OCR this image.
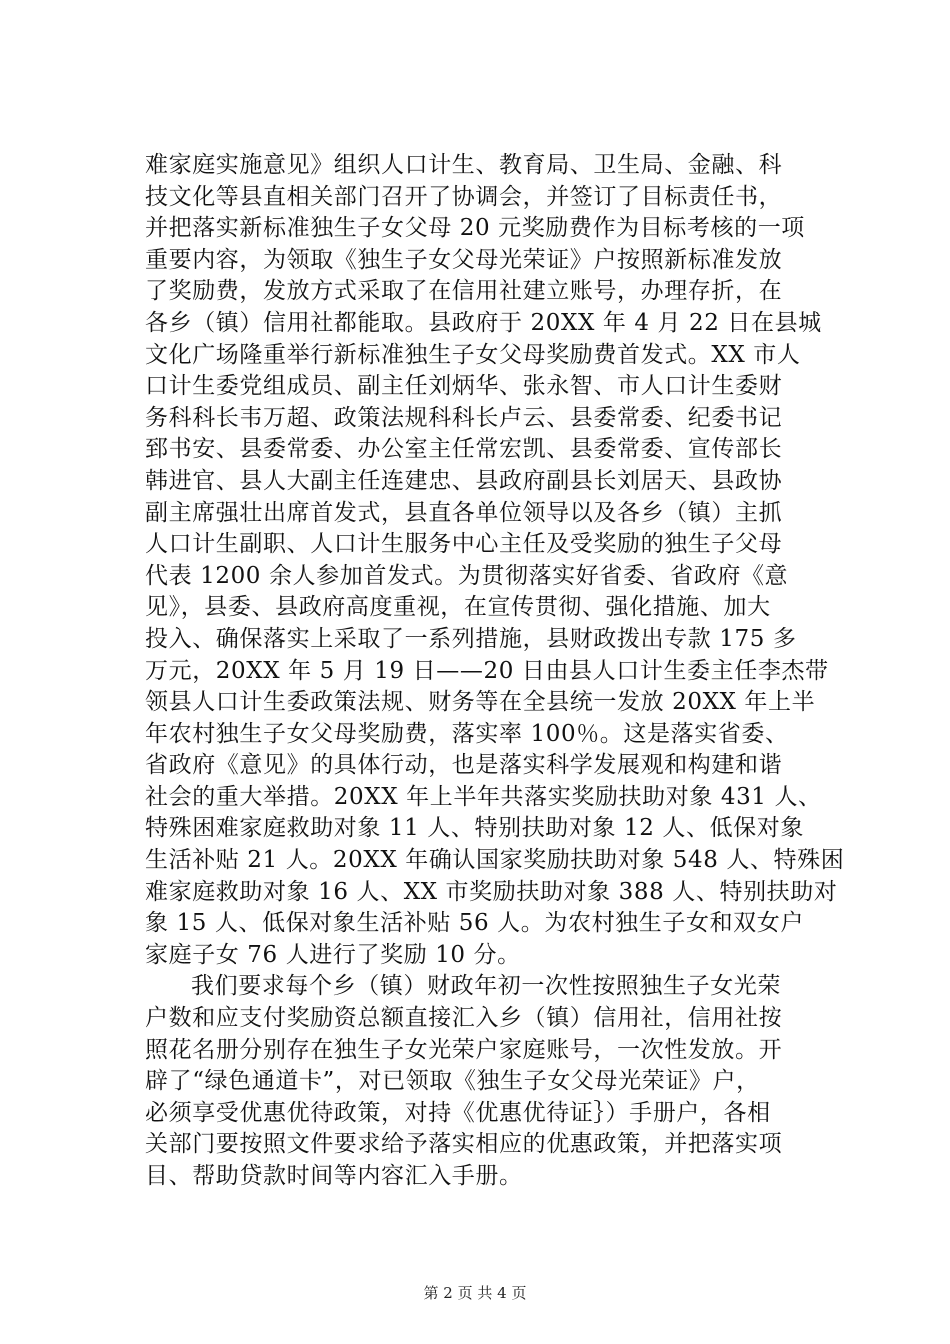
难家庭实施意见》组织人口计生、教育局、卫生局、金融、科
技文化等县直相关部门召开了协调会，并签订了目标责任书，
并把落实新标准独生子女父母 20 元奖励费作为目标考核的一项
重要内容，为领取《独生子女父母光荣证》户按照新标准发放
了奖励费，发放方式采取了在信用社建立账号，办理存折，在
各乡（镇）信用社都能取。县政府于 20XX 年 4 月 22 日在县城
文化广场隆重举行新标准独生子女父母奖励费首发式。XX 市人
口计生委党组成员、副主任刘炳华、张永智、市人口计生委财
务科科长韦万超、政策法规科科长卢云、县委常委、纪委书记
郅书安、县委常委、办公室主任常宏凯、县委常委、宣传部长
韩进官、县人大副主任连建忠、县政府副县长刘居天、县政协
副主席强壮出席首发式，县直各单位领导以及各乡（镇）主抓
人口计生副职、人口计生服务中心主任及受奖励的独生子父母
代表 1200 余人参加首发式。为贯彻落实好省委、省政府《意
见》，县委、县政府高度重视，在宣传贯彻、强化措施、加大
投入、确保落实上采取了一系列措施，县财政拨出专款 175 多
万元，20XX 年 5 月 19 日——20 日由县人口计生委主任李杰带
领县人口计生委政策法规、财务等在全县统一发放 20XX 年上半
年农村独生子女父母奖励费，落实率 100％。这是落实省委、
省政府《意见》的具体行动，也是落实科学发展观和构建和谐
社会的重大举措。20XX 年上半年共落实奖励扶助对象 431 人、
特殊困难家庭救助对象 11 人、特别扶助对象 12 人、低保对象
生活补贴 21 人。20XX 年确认国家奖励扶助对象 548 人、特殊困
难家庭救助对象 16 人、XX 市奖励扶助对象 388 人、特别扶助对
象 15 人、低保对象生活补贴 56 人。为农村独生子女和双女户
家庭子女 76 人进行了奖励 10 分。
我们要求每个乡（镇）财政年初一次性按照独生子女光荣
户数和应支付奖励资总额直接汇入乡（镇）信用社，信用社按
照花名册分别存在独生子女光荣户家庭账号，一次性发放。开
辟了“绿色通道卡”，对已领取《独生子女父母光荣证》户，
必须享受优惠优待政策，对持《优惠优待证｝）手册户，各相
关部门要按照文件要求给予落实相应的优惠政策，并把落实项
目、帮助贷款时间等内容汇入手册。
第 2 页 共 4 页
